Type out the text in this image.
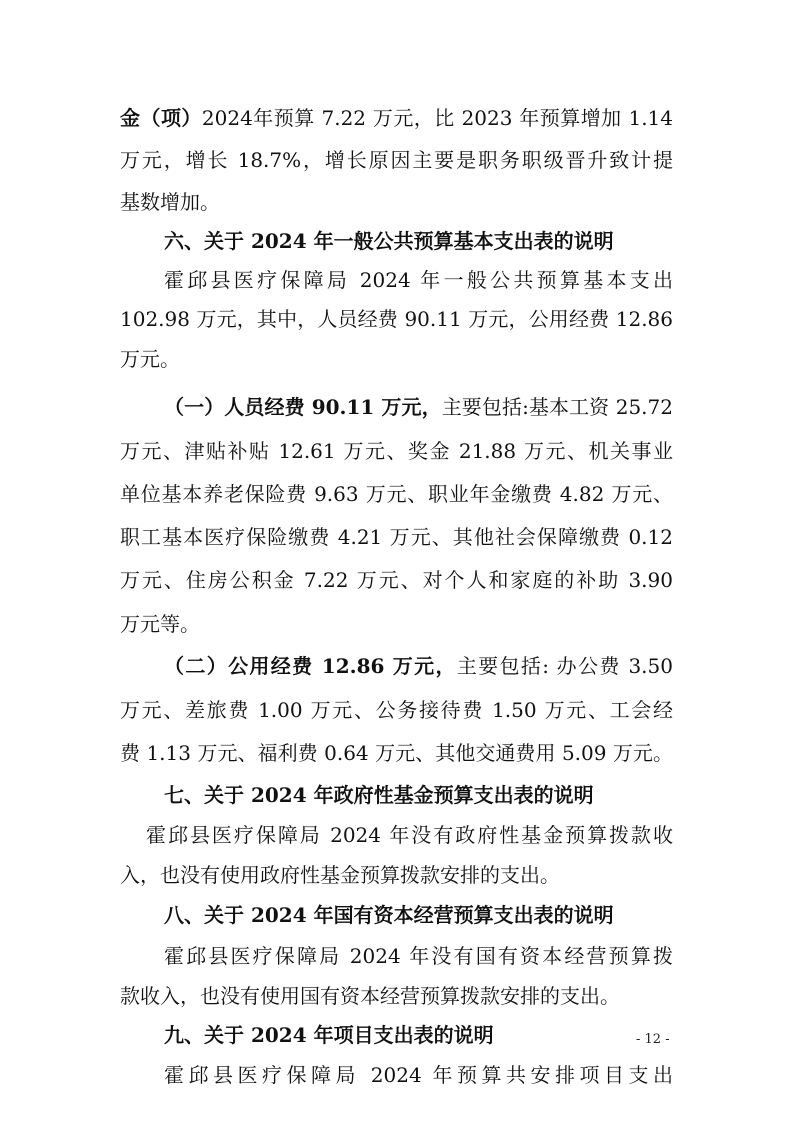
金（项）2024年预算 7.22 万元，比 2023 年预算增加 1.14
万元，增长 18.7%，增长原因主要是职务职级晋升致计提
基数增加。
六、关于 2024 年一般公共预算基本支出表的说明
霍邱县医疗保障局 2024 年一般公共预算基本支出
102.98 万元，其中，人员经费 90.11 万元，公用经费 12.86
万元。
（一）人员经费 90.11 万元，主要包括:基本工资 25.72
万元、津贴补贴 12.61 万元、奖金 21.88 万元、机关事业
单位基本养老保险费 9.63 万元、职业年金缴费 4.82 万元、
职工基本医疗保险缴费 4.21 万元、其他社会保障缴费 0.12
万元、住房公积金 7.22 万元、对个人和家庭的补助 3.90
万元等。
（二）公用经费 12.86 万元，主要包括: 办公费 3.50
万元、差旅费 1.00 万元、公务接待费 1.50 万元、工会经
费 1.13 万元、福利费 0.64 万元、其他交通费用 5.09 万元。
七、关于 2024 年政府性基金预算支出表的说明
霍邱县医疗保障局 2024 年没有政府性基金预算拨款收
入，也没有使用政府性基金预算拨款安排的支出。
八、关于 2024 年国有资本经营预算支出表的说明
霍邱县医疗保障局 2024 年没有国有资本经营预算拨
款收入，也没有使用国有资本经营预算拨款安排的支出。
九、关于 2024 年项目支出表的说明
霍邱县医疗保障局 2024 年预算共安排项目支出
- 12 -
